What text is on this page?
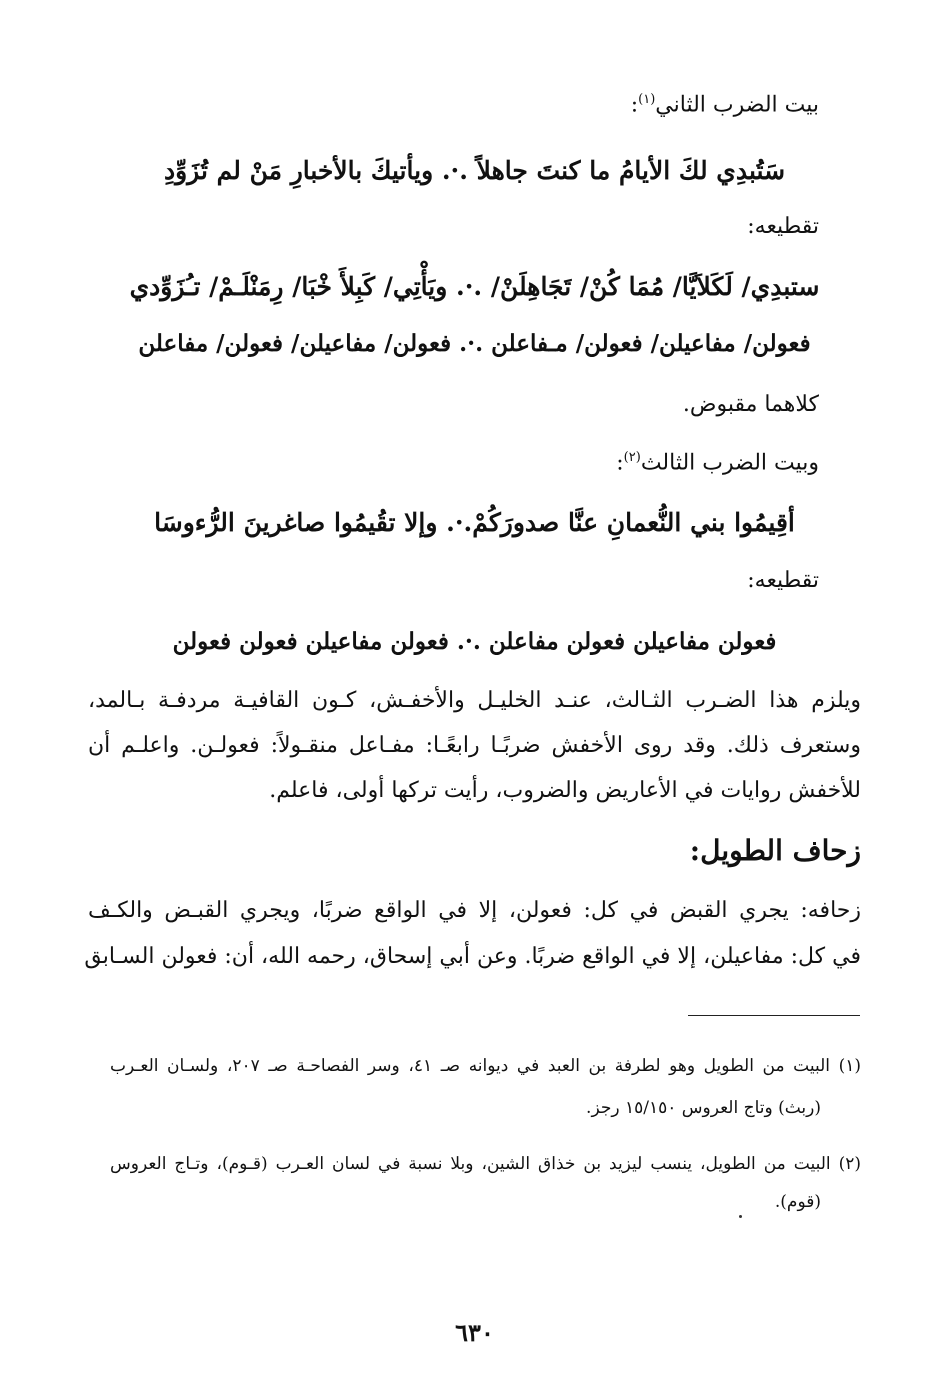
بيت الضرب الثاني$^{(١)}$:
سَتُبدِي لكَ الأيامُ ما كنتَ جاهلاً .·. ويأتيكَ بالأخبارِ مَنْ لم تُزَوِّدِ
تقطيعه:
ستبدِي/ لَكَلاَيَّا/ مُمَا كُنْ/ تَجَاهِلَنْ/ .·. ويَأْتِي/ كَبِلأَ خْبَا/ رِمَنْلَـمْ/ تـُزَوِّدي
فعولن/ مفاعيلن/ فعولن/ مـفاعلن .·. فعولن/ مفاعيلن/ فعولن/ مفاعلن
كلاهما مقبوض.
وبيت الضرب الثالث$^{(٢)}$:
أقِيمُوا بني النُّعمانِ عنَّا صدورَكُمْ.·. وإلا تقُيمُوا صاغرينَ الرُّءوسَا
تقطيعه:
فعولن مفاعيلن فعولن مفاعلن .·. فعولن مفاعيلن فعولن فعولن
ويلزم هذا الضـرب الثـالث، عنـد الخليـل والأخفـش، كـون القافيـة مردفـة بـالمد،
وستعرف ذلك. وقد روى الأخفش ضربًـا رابعًـا: مفـاعل منقـولاً: فعولـن. واعلـم أن
للأخفش روايات في الأعاريض والضروب، رأيت تركها أولى، فاعلم.
زحاف الطويل:
زحافه: يجري القبض في كل: فعولن، إلا في الواقع ضربًا، ويجري القبـض والكـف
في كل: مفاعيلن، إلا في الواقع ضربًا. وعن أبي إسحاق، رحمه الله، أن: فعولن السـابق
(١) البيت من الطويل وهو لطرفة بن العبد في ديوانه صـ ٤١، وسر الفصاحـة صـ ٢٠٧، ولسـان العـرب
(ربث) وتاج العروس ١٥/١٥٠ رجز.
(٢) البيت من الطويل، ينسب ليزيد بن خذاق الشين، وبلا نسبة في لسان العـرب (قـوم)، وتـاج العروس
(قوم).
٦٣٠
